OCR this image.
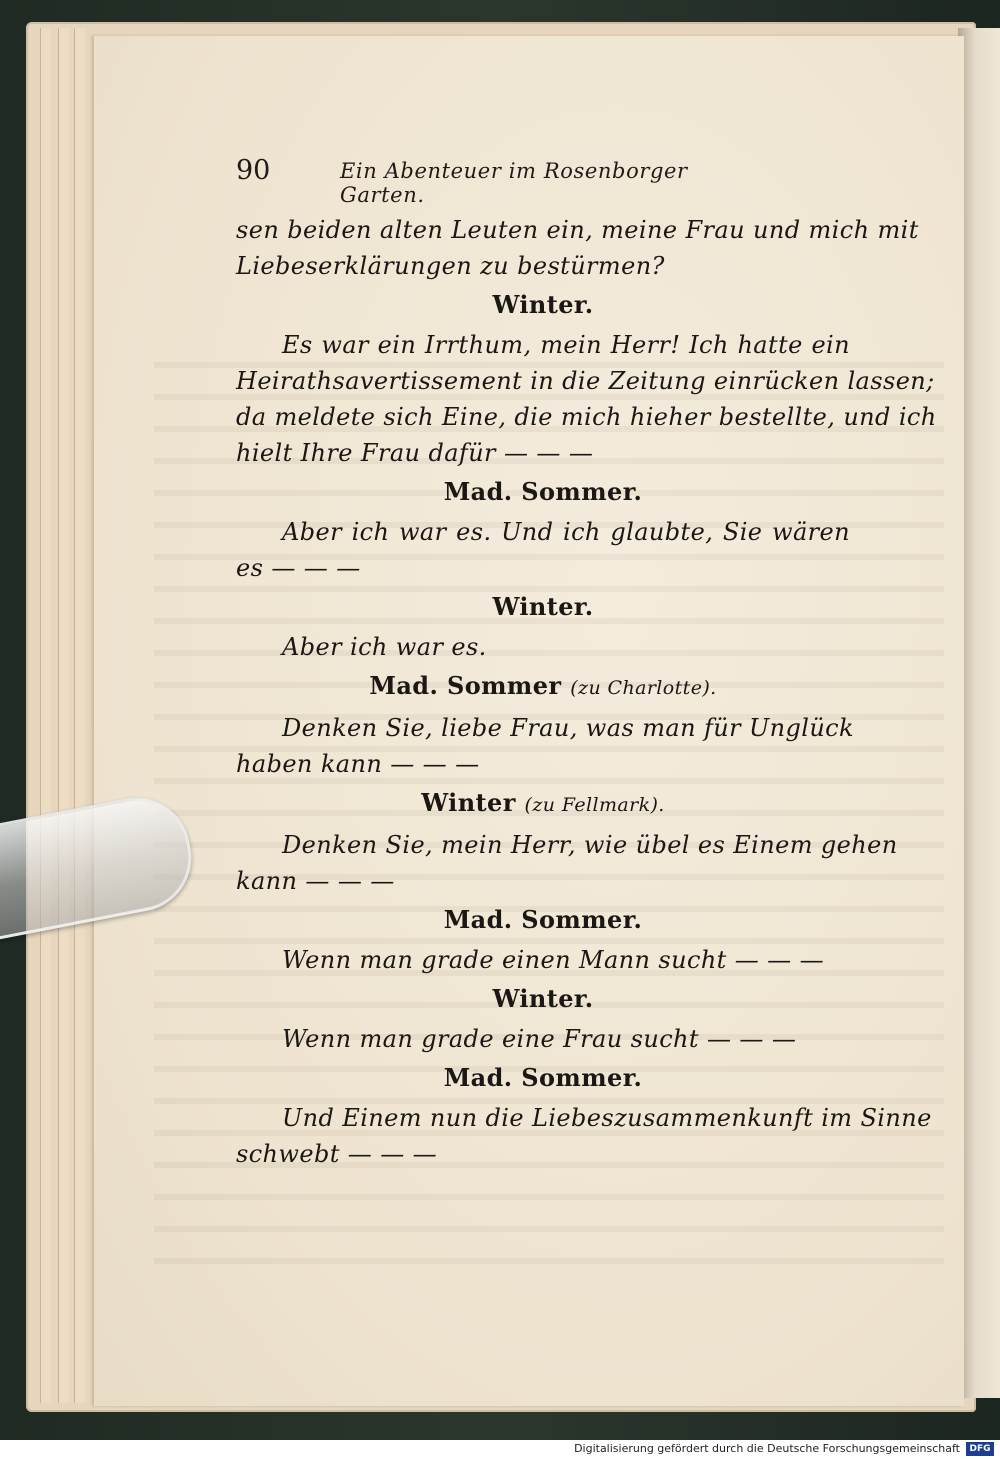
90	Ein Abenteuer im Rosenborger Garten.
sen beiden alten Leuten ein, meine Frau und mich mit
Liebeserklärungen zu bestürmen?
Winter.
Es war ein Irrthum, mein Herr! Ich hatte ein
Heirathsavertissement in die Zeitung einrücken lassen;
da meldete sich Eine, die mich hieher bestellte, und ich
hielt Ihre Frau dafür — — —
Mad. Sommer.
Aber ich war es. Und ich glaubte, Sie wären
es — — —
Winter.
Aber ich war es.
Mad. Sommer (zu Charlotte).
Denken Sie, liebe Frau, was man für Unglück
haben kann — — —
Winter (zu Fellmark).
Denken Sie, mein Herr, wie übel es Einem gehen
kann — — —
Mad. Sommer.
Wenn man grade einen Mann sucht — — —
Winter.
Wenn man grade eine Frau sucht — — —
Mad. Sommer.
Und Einem nun die Liebeszusammenkunft im Sinne
schwebt — — —
Digitalisierung gefördert durch die Deutsche Forschungsgemeinschaft	DFG
